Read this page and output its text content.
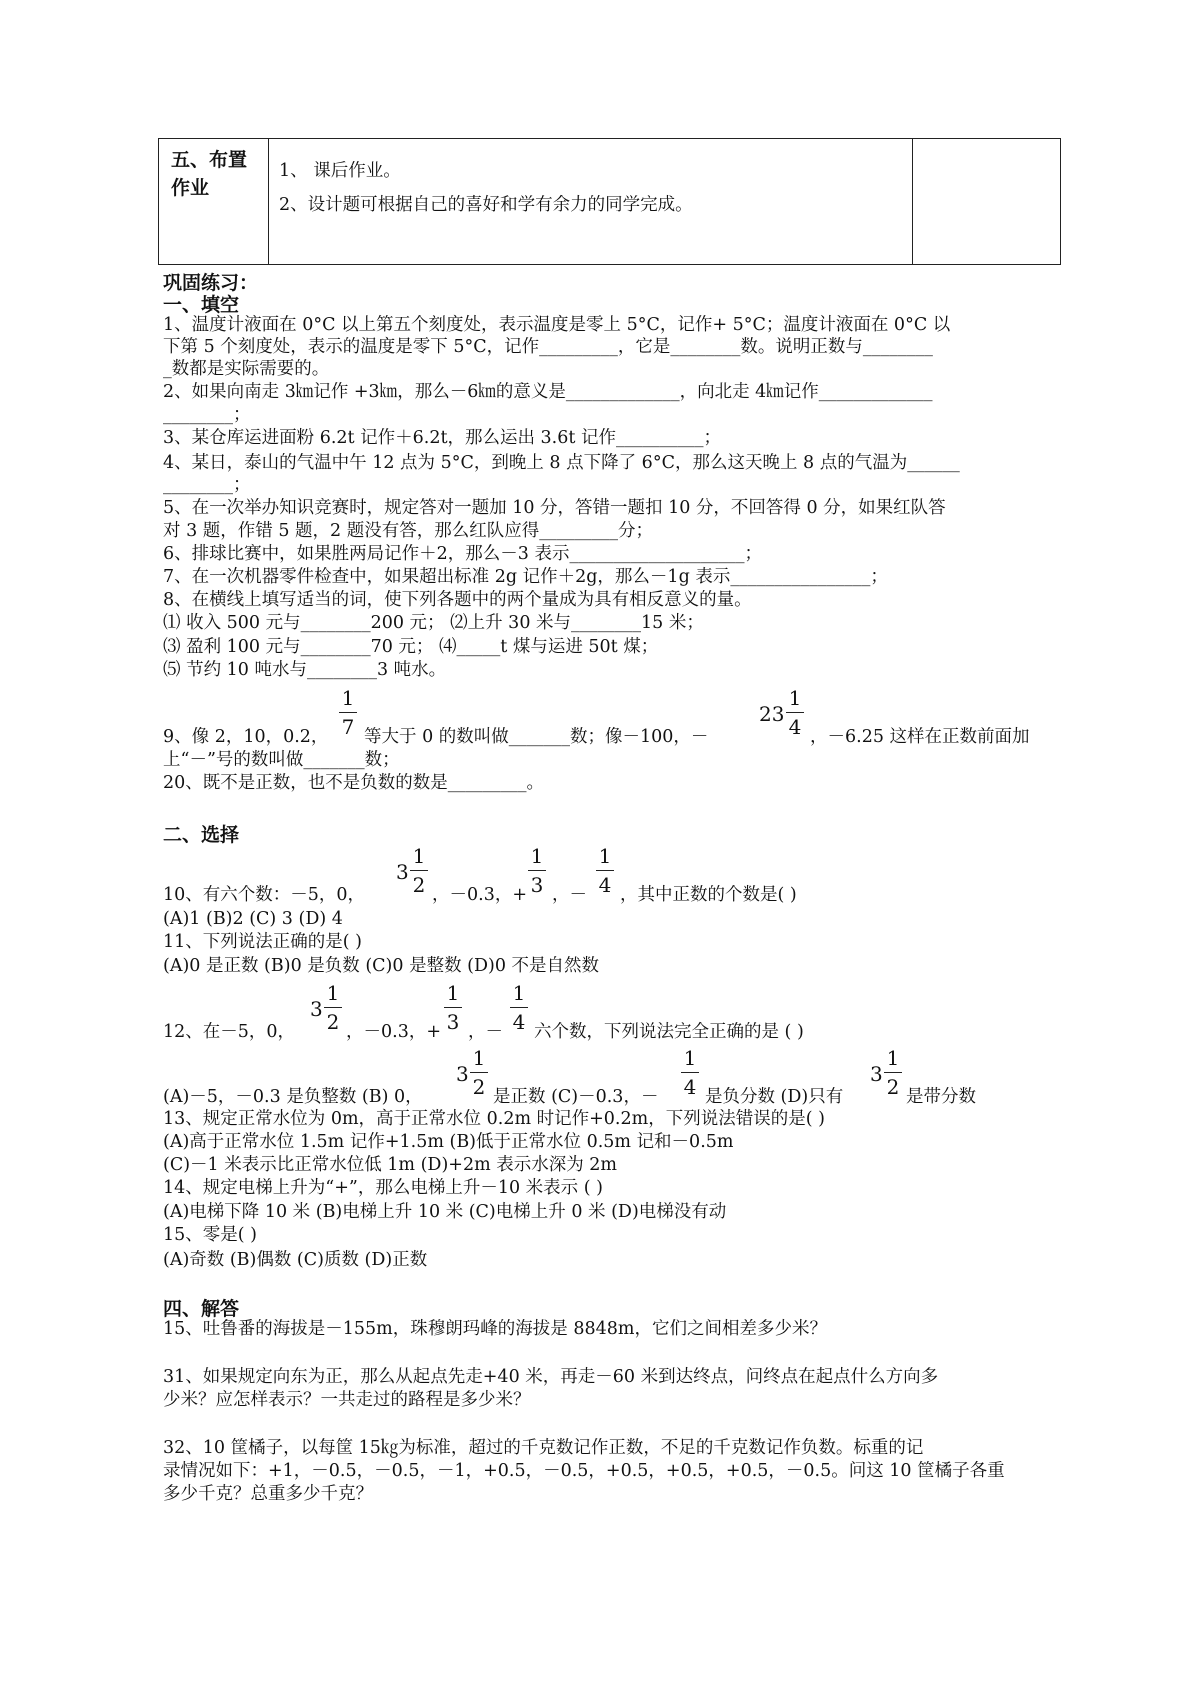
五、布置
作业
1、 课后作业。
2、设计题可根据自己的喜好和学有余力的同学完成。
巩固练习：
一、填空
1、温度计液面在 0°C 以上第五个刻度处，表示温度是零上 5°C，记作+ 5°C；温度计液面在 0°C 以
下第 5 个刻度处，表示的温度是零下 5°C，记作_________，它是________数。说明正数与________
_数都是实际需要的。
2、如果向南走 3㎞记作 +3㎞，那么－6㎞的意义是_____________，向北走 4㎞记作_____________
________；
3、某仓库运进面粉 6.2t 记作＋6.2t，那么运出 3.6t 记作__________；
4、某日，泰山的气温中午 12 点为 5°C，到晚上 8 点下降了 6°C，那么这天晚上 8 点的气温为______
________；
5、在一次举办知识竞赛时，规定答对一题加 10 分，答错一题扣 10 分，不回答得 0 分，如果红队答
对 3 题，作错 5 题，2 题没有答，那么红队应得_________分；
6、排球比赛中，如果胜两局记作＋2，那么－3 表示____________________；
7、在一次机器零件检查中，如果超出标准 2g 记作＋2g，那么－1g 表示________________；
8、在横线上填写适当的词，使下列各题中的两个量成为具有相反意义的量。
⑴ 收入 500 元与________200 元； ⑵上升 30 米与________15 米；
⑶ 盈利 100 元与________70 元； ⑷_____t 煤与运进 50t 煤；
⑸ 节约 10 吨水与________3 吨水。
9、像 2，10，0.2，
1
7 等大于 0 的数叫做_______数；像－100，－
23
1
4 ，－6.25 这样在正数前面加
上“－”号的数叫做_______数；
20、既不是正数，也不是负数的数是_________。
二、选择
10、有六个数：－5，0，
3
1
2 ，－0.3，+
1
3 ，－
1
4 ，其中正数的个数是( )
(A)1 (B)2 (C) 3 (D) 4
11、下列说法正确的是( )
(A)0 是正数 (B)0 是负数 (C)0 是整数 (D)0 不是自然数
12、在－5，0，
3
1
2 ，－0.3，+
1
3 ，－
1
4 六个数，下列说法完全正确的是 ( )
(A)－5，－0.3 是负整数 (B) 0，
3
1
2 是正数 (C)－0.3，－
1
4 是负分数 (D)只有
3
1
2 是带分数
13、规定正常水位为 0m，高于正常水位 0.2m 时记作+0.2m，下列说法错误的是( )
(A)高于正常水位 1.5m 记作+1.5m (B)低于正常水位 0.5m 记和－0.5m
(C)－1 米表示比正常水位低 1m (D)+2m 表示水深为 2m
14、规定电梯上升为“+”，那么电梯上升－10 米表示 ( )
(A)电梯下降 10 米 (B)电梯上升 10 米 (C)电梯上升 0 米 (D)电梯没有动
15、零是( )
(A)奇数 (B)偶数 (C)质数 (D)正数
四、解答
15、吐鲁番的海拔是－155m，珠穆朗玛峰的海拔是 8848m，它们之间相差多少米？
31、如果规定向东为正，那么从起点先走+40 米，再走－60 米到达终点，问终点在起点什么方向多
少米？应怎样表示？一共走过的路程是多少米？
32、10 筐橘子，以每筐 15㎏为标准，超过的千克数记作正数，不足的千克数记作负数。标重的记
录情况如下：+1，－0.5，－0.5，－1，+0.5，－0.5，+0.5，+0.5，+0.5，－0.5。问这 10 筐橘子各重
多少千克？总重多少千克？
